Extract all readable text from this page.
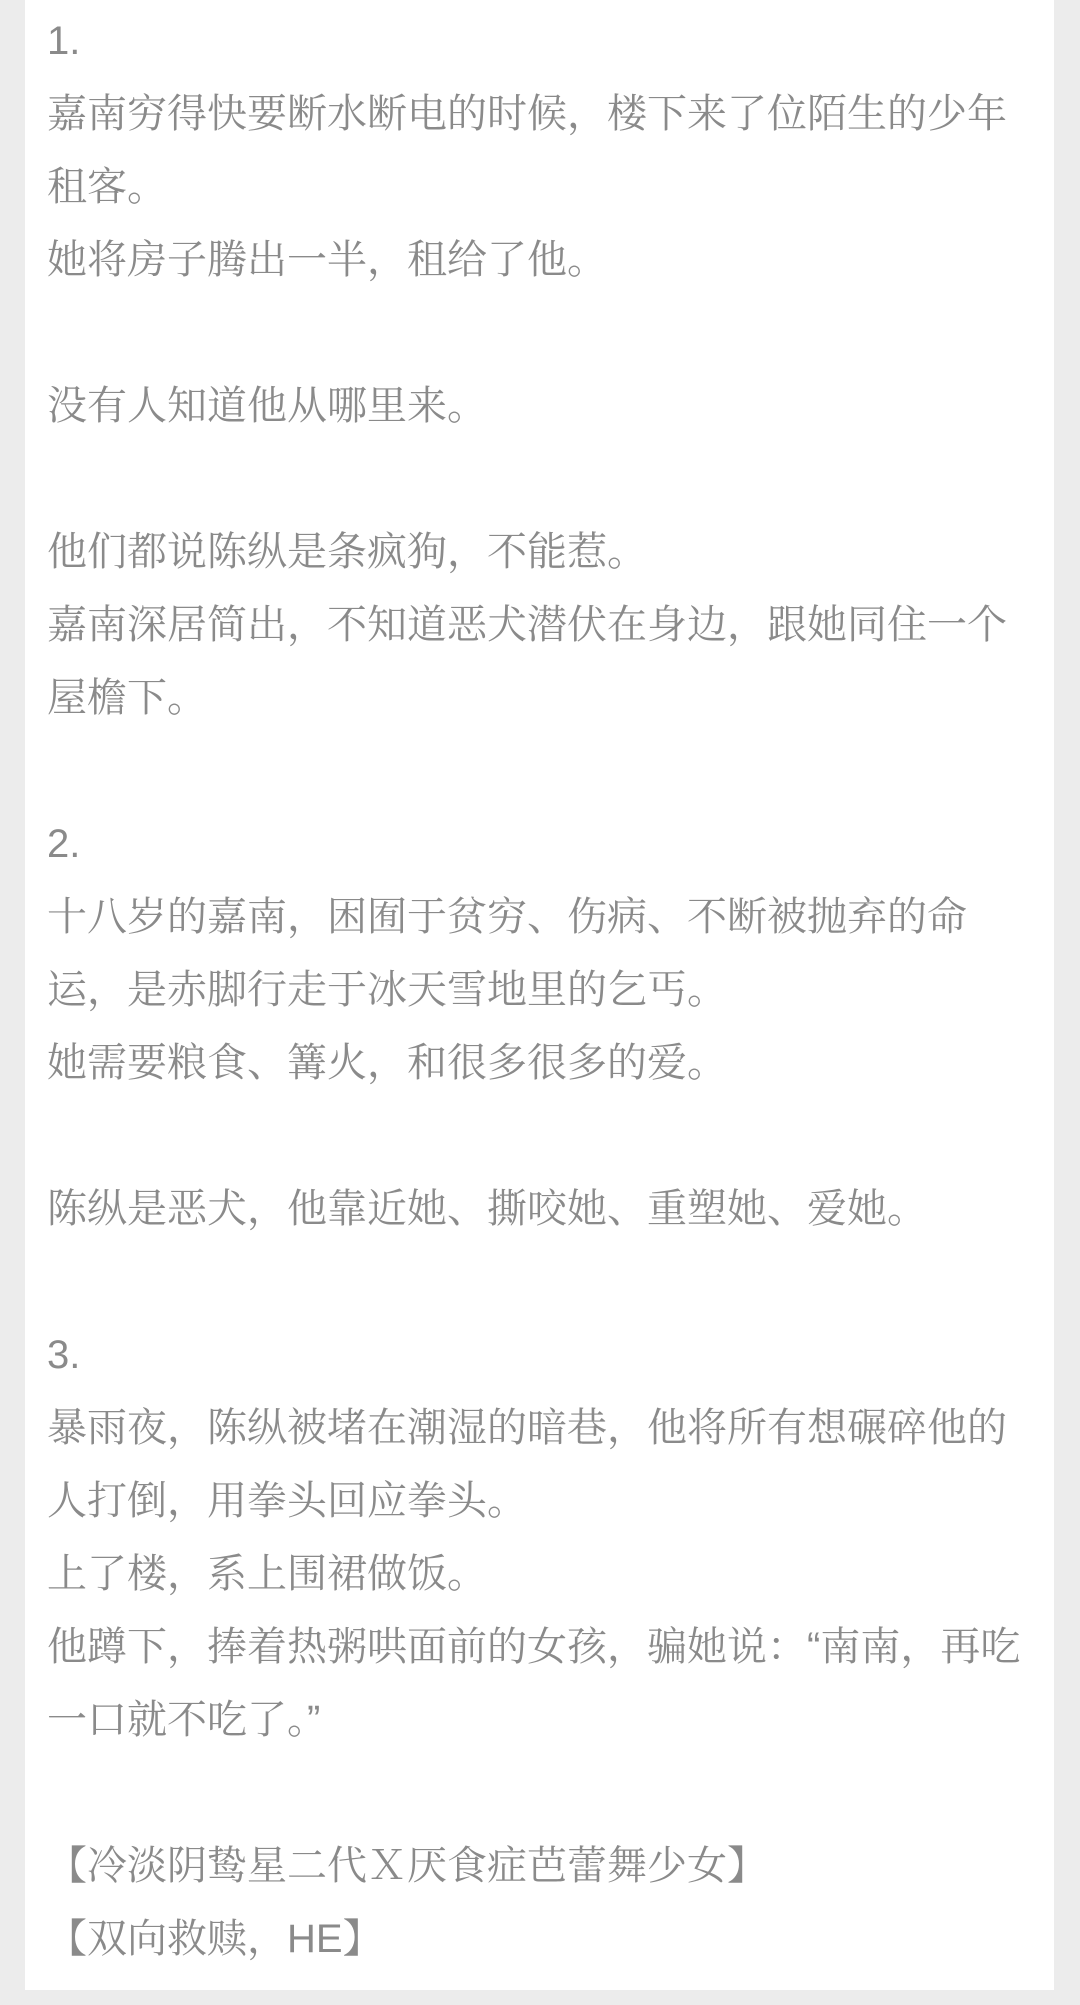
1.
嘉南穷得快要断水断电的时候，楼下来了位陌生的少年租客。
她将房子腾出一半，租给了他。
没有人知道他从哪里来。
他们都说陈纵是条疯狗，不能惹。
嘉南深居简出，不知道恶犬潜伏在身边，跟她同住一个屋檐下。
2.
十八岁的嘉南，困囿于贫穷、伤病、不断被抛弃的命运，是赤脚行走于冰天雪地里的乞丐。
她需要粮食、篝火，和很多很多的爱。
陈纵是恶犬，他靠近她、撕咬她、重塑她、爱她。
3.
暴雨夜，陈纵被堵在潮湿的暗巷，他将所有想碾碎他的人打倒，用拳头回应拳头。
上了楼，系上围裙做饭。
他蹲下，捧着热粥哄面前的女孩，骗她说：“南南，再吃一口就不吃了。”
【冷淡阴鸷星二代Ｘ厌食症芭蕾舞少女】
【双向救赎，HE】
